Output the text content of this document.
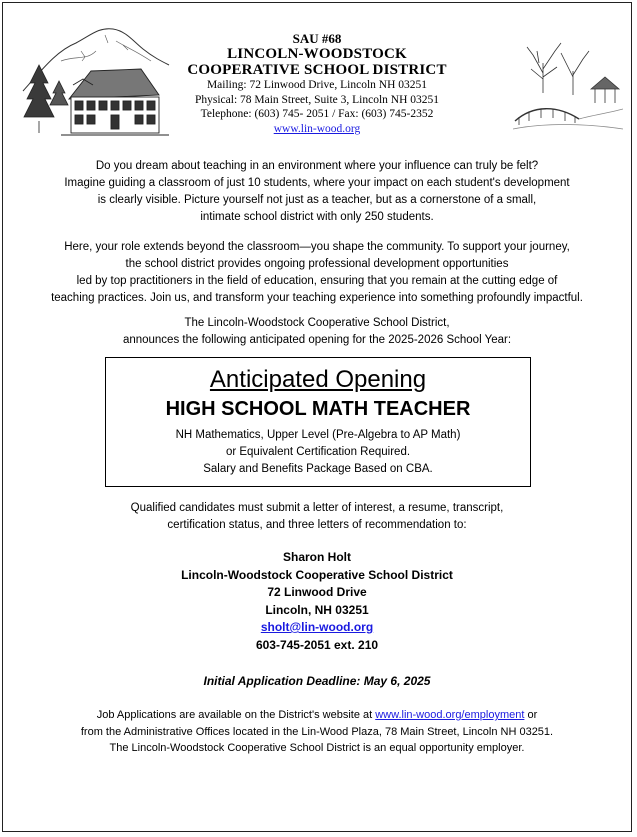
SAU #68
LINCOLN-WOODSTOCK
COOPERATIVE SCHOOL DISTRICT
Mailing: 72 Linwood Drive, Lincoln NH 03251
Physical: 78 Main Street, Suite 3, Lincoln NH 03251
Telephone: (603) 745- 2051 / Fax: (603) 745-2352
www.lin-wood.org
Do you dream about teaching in an environment where your influence can truly be felt?
Imagine guiding a classroom of just 10 students, where your impact on each student's development
is clearly visible. Picture yourself not just as a teacher, but as a cornerstone of a small,
intimate school district with only 250 students.
Here, your role extends beyond the classroom—you shape the community. To support your journey,
the school district provides ongoing professional development opportunities
led by top practitioners in the field of education, ensuring that you remain at the cutting edge of
teaching practices. Join us, and transform your teaching experience into something profoundly impactful.
The Lincoln-Woodstock Cooperative School District,
announces the following anticipated opening for the 2025-2026 School Year:
Anticipated Opening
HIGH SCHOOL MATH TEACHER
NH Mathematics, Upper Level (Pre-Algebra to AP Math)
or Equivalent Certification Required.
Salary and Benefits Package Based on CBA.
Qualified candidates must submit a letter of interest, a resume, transcript,
certification status, and three letters of recommendation to:
Sharon Holt
Lincoln-Woodstock Cooperative School District
72 Linwood Drive
Lincoln, NH 03251
sholt@lin-wood.org
603-745-2051 ext. 210
Initial Application Deadline: May 6, 2025
Job Applications are available on the District's website at www.lin-wood.org/employment or
from the Administrative Offices located in the Lin-Wood Plaza, 78 Main Street, Lincoln NH 03251.
The Lincoln-Woodstock Cooperative School District is an equal opportunity employer.
